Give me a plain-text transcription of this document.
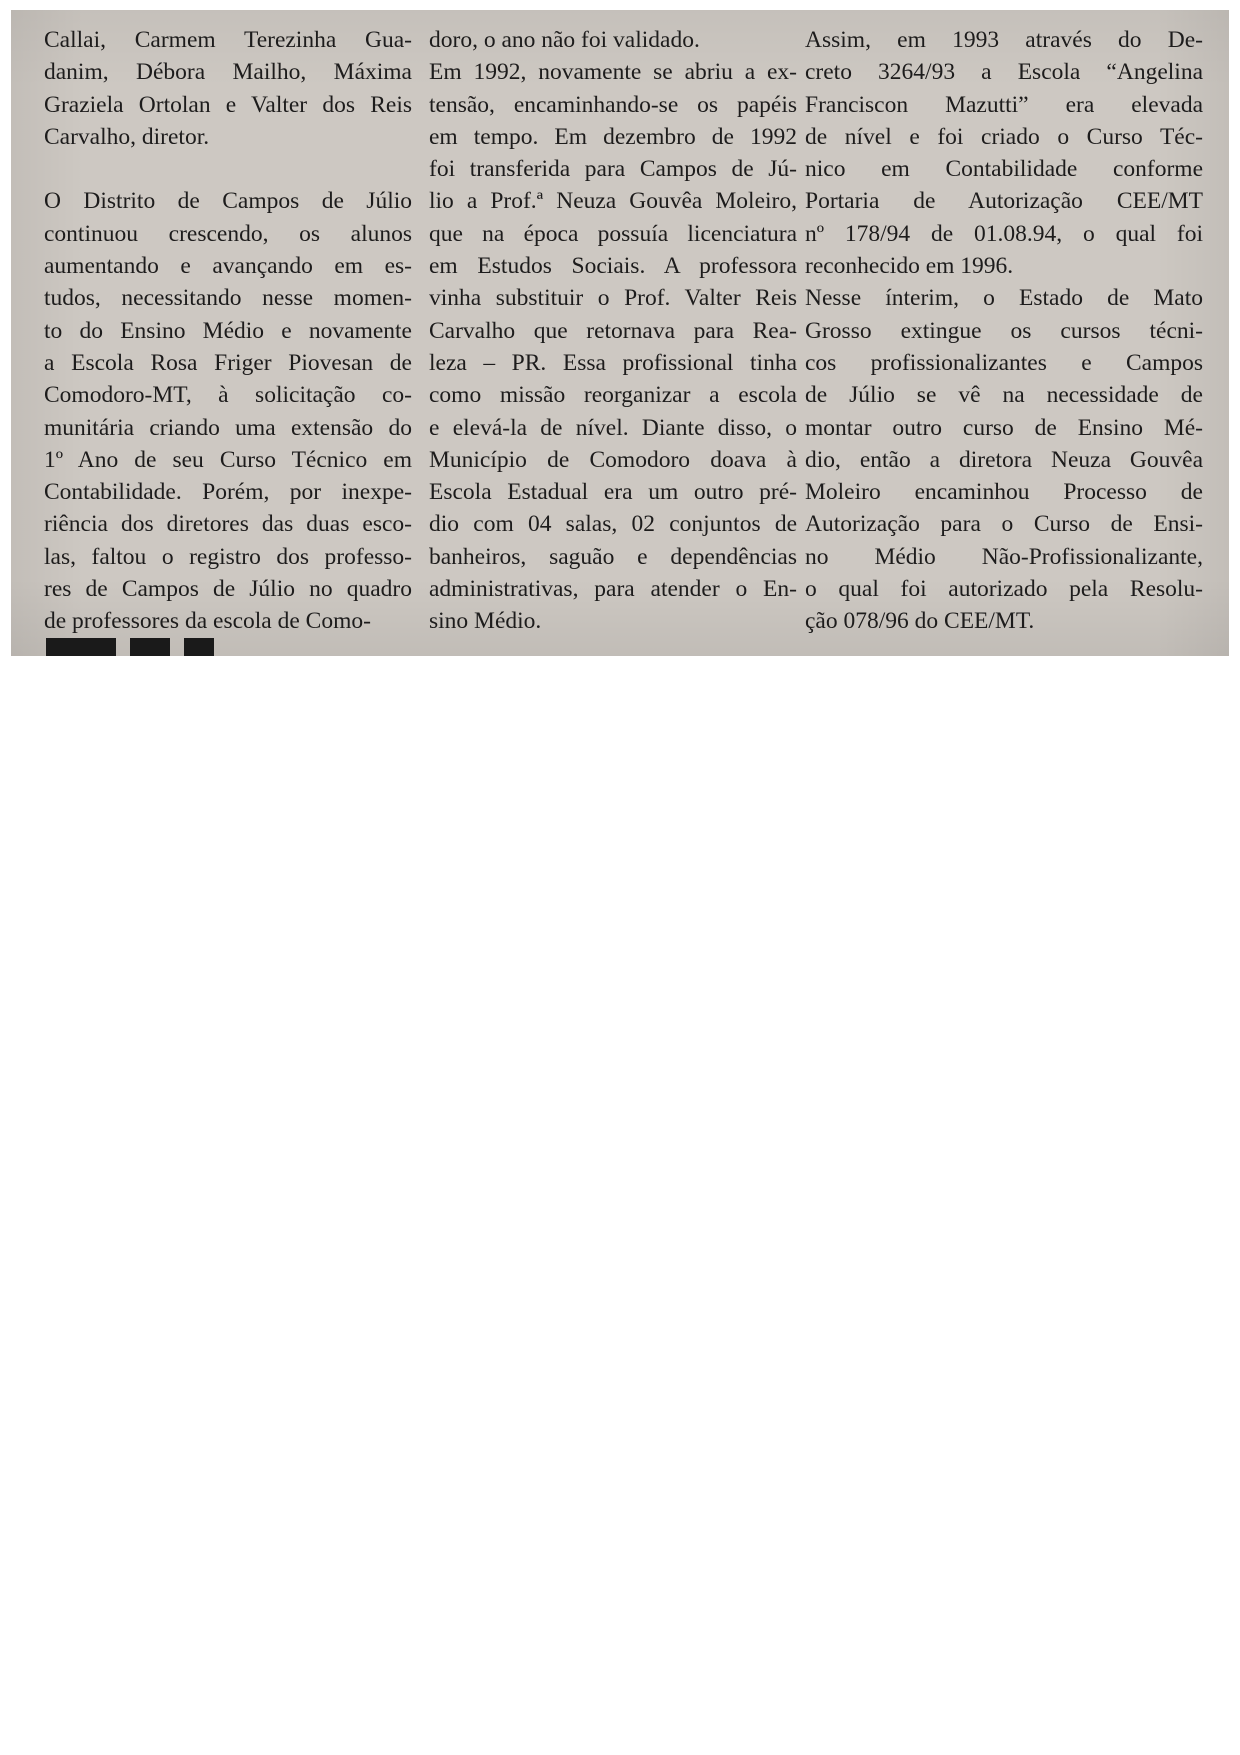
Callai, Carmem Terezinha Gua-
danim, Débora Mailho, Máxima
Graziela Ortolan e Valter dos Reis
Carvalho, diretor.
O Distrito de Campos de Júlio
continuou crescendo, os alunos
aumentando e avançando em es-
tudos, necessitando nesse momen-
to do Ensino Médio e novamente
a Escola Rosa Friger Piovesan de
Comodoro-MT, à solicitação co-
munitária criando uma extensão do
1º Ano de seu Curso Técnico em
Contabilidade. Porém, por inexpe-
riência dos diretores das duas esco-
las, faltou o registro dos professo-
res de Campos de Júlio no quadro
de professores da escola de Como-
doro, o ano não foi validado.
Em 1992, novamente se abriu a ex-
tensão, encaminhando-se os papéis
em tempo. Em dezembro de 1992
foi transferida para Campos de Jú-
lio a Prof.ª Neuza Gouvêa Moleiro,
que na época possuía licenciatura
em Estudos Sociais. A professora
vinha substituir o Prof. Valter Reis
Carvalho que retornava para Rea-
leza – PR. Essa profissional tinha
como missão reorganizar a escola
e elevá-la de nível. Diante disso, o
Município de Comodoro doava à
Escola Estadual era um outro pré-
dio com 04 salas, 02 conjuntos de
banheiros, saguão e dependências
administrativas, para atender o En-
sino Médio.
Assim, em 1993 através do De-
creto 3264/93 a Escola “Angelina
Franciscon Mazutti” era elevada
de nível e foi criado o Curso Téc-
nico em Contabilidade conforme
Portaria de Autorização CEE/MT
nº 178/94 de 01.08.94, o qual foi
reconhecido em 1996.
Nesse ínterim, o Estado de Mato
Grosso extingue os cursos técni-
cos profissionalizantes e Campos
de Júlio se vê na necessidade de
montar outro curso de Ensino Mé-
dio, então a diretora Neuza Gouvêa
Moleiro encaminhou Processo de
Autorização para o Curso de Ensi-
no Médio Não-Profissionalizante,
o qual foi autorizado pela Resolu-
ção 078/96 do CEE/MT.
